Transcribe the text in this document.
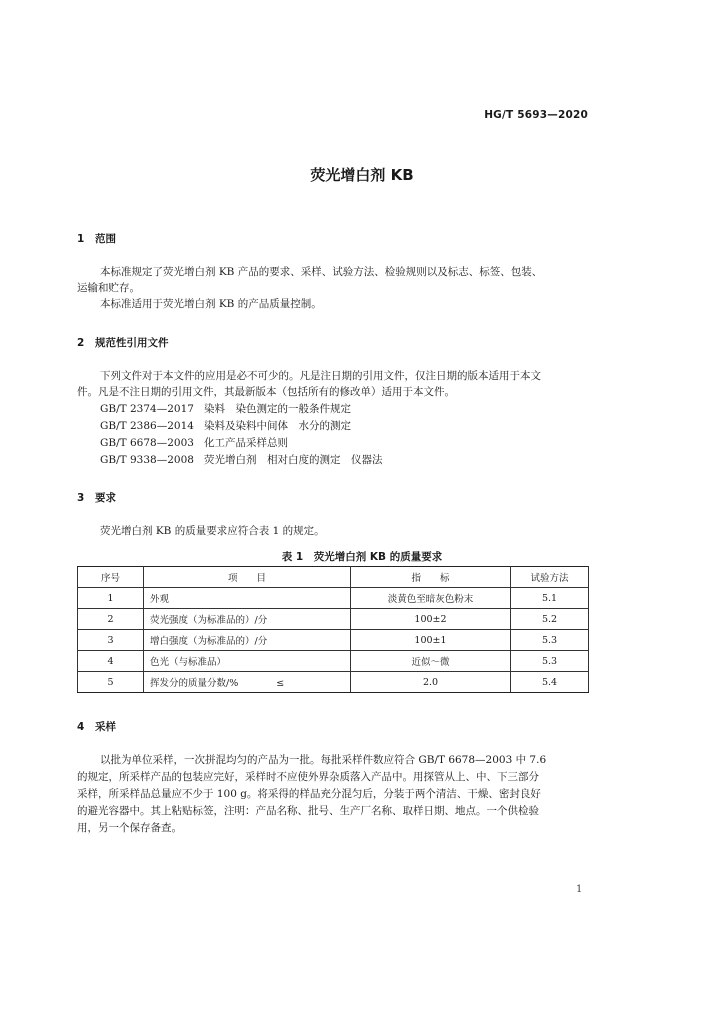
HG/T 5693—2020
荧光增白剂 KB
1 范围
本标准规定了荧光增白剂 KB 产品的要求、采样、试验方法、检验规则以及标志、标签、包装、
运输和贮存。
本标准适用于荧光增白剂 KB 的产品质量控制。
2 规范性引用文件
下列文件对于本文件的应用是必不可少的。凡是注日期的引用文件，仅注日期的版本适用于本文
件。凡是不注日期的引用文件，其最新版本（包括所有的修改单）适用于本文件。
GB/T 2374—2017 染料　染色测定的一般条件规定
GB/T 2386—2014 染料及染料中间体　水分的测定
GB/T 6678—2003 化工产品采样总则
GB/T 9338—2008 荧光增白剂　相对白度的测定　仪器法
3 要求
荧光增白剂 KB 的质量要求应符合表 1 的规定。
表 1　荧光增白剂 KB 的质量要求
序号	项　　目	指　　标	试验方法
1	外观	淡黄色至暗灰色粉末	5.1
2	荧光强度（为标准品的）/分	100±2	5.2
3	增白强度（为标准品的）/分	100±1	5.3
4	色光（与标准品）	近似～微	5.3
5	挥发分的质量分数/%　　　　≤	2.0	5.4
4 采样
以批为单位采样，一次拼混均匀的产品为一批。每批采样件数应符合 GB/T 6678—2003 中 7.6
的规定，所采样产品的包装应完好，采样时不应使外界杂质落入产品中。用探管从上、中、下三部分
采样，所采样品总量应不少于 100 g。将采得的样品充分混匀后，分装于两个清洁、干燥、密封良好
的避光容器中。其上粘贴标签，注明：产品名称、批号、生产厂名称、取样日期、地点。一个供检验
用，另一个保存备查。
1
